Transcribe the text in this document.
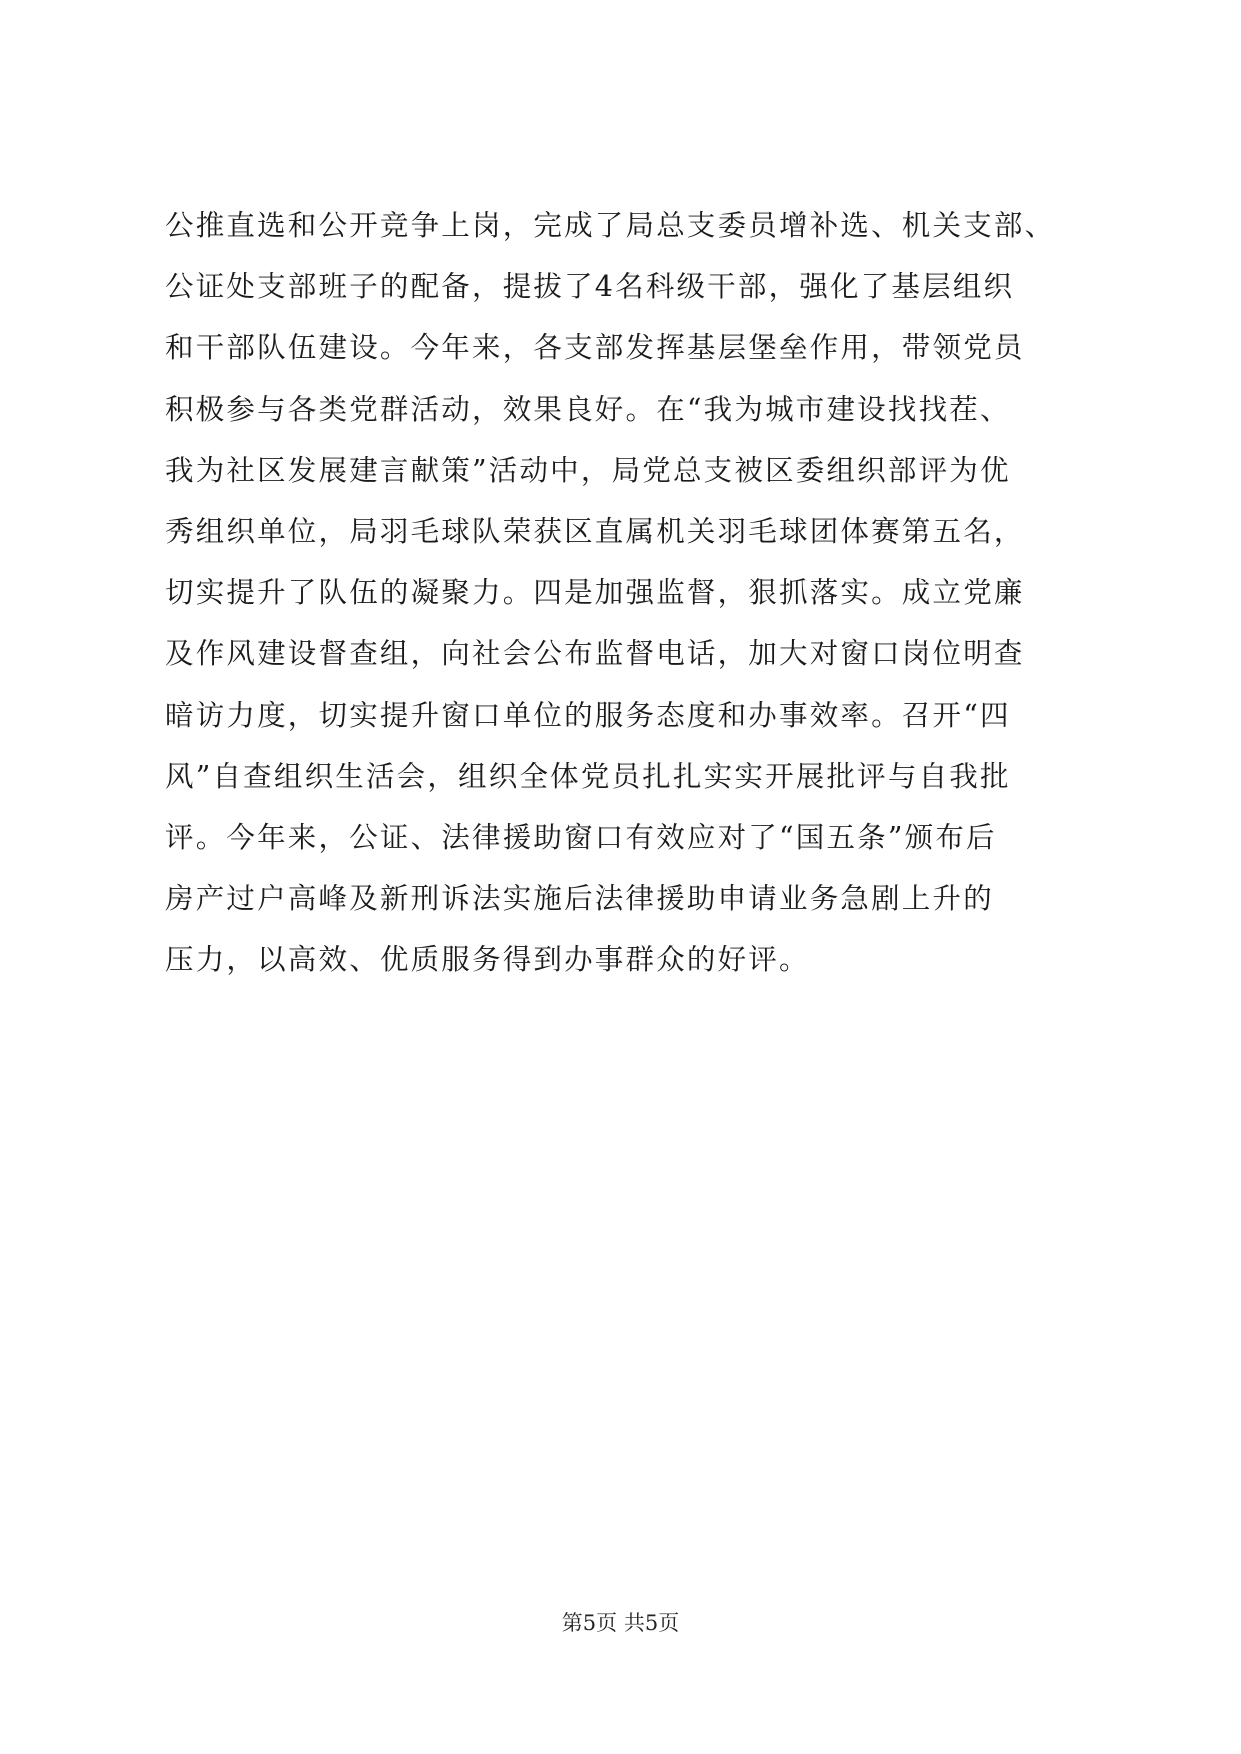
公推直选和公开竞争上岗，完成了局总支委员增补选、机关支部、
公证处支部班子的配备，提拔了4名科级干部，强化了基层组织
和干部队伍建设。今年来，各支部发挥基层堡垒作用，带领党员
积极参与各类党群活动，效果良好。在“我为城市建设找找茬、
我为社区发展建言献策”活动中，局党总支被区委组织部评为优
秀组织单位，局羽毛球队荣获区直属机关羽毛球团体赛第五名，
切实提升了队伍的凝聚力。四是加强监督，狠抓落实。成立党廉
及作风建设督查组，向社会公布监督电话，加大对窗口岗位明查
暗访力度，切实提升窗口单位的服务态度和办事效率。召开“四
风”自查组织生活会，组织全体党员扎扎实实开展批评与自我批
评。今年来，公证、法律援助窗口有效应对了“国五条”颁布后
房产过户高峰及新刑诉法实施后法律援助申请业务急剧上升的
压力，以高效、优质服务得到办事群众的好评。
第5页 共5页
